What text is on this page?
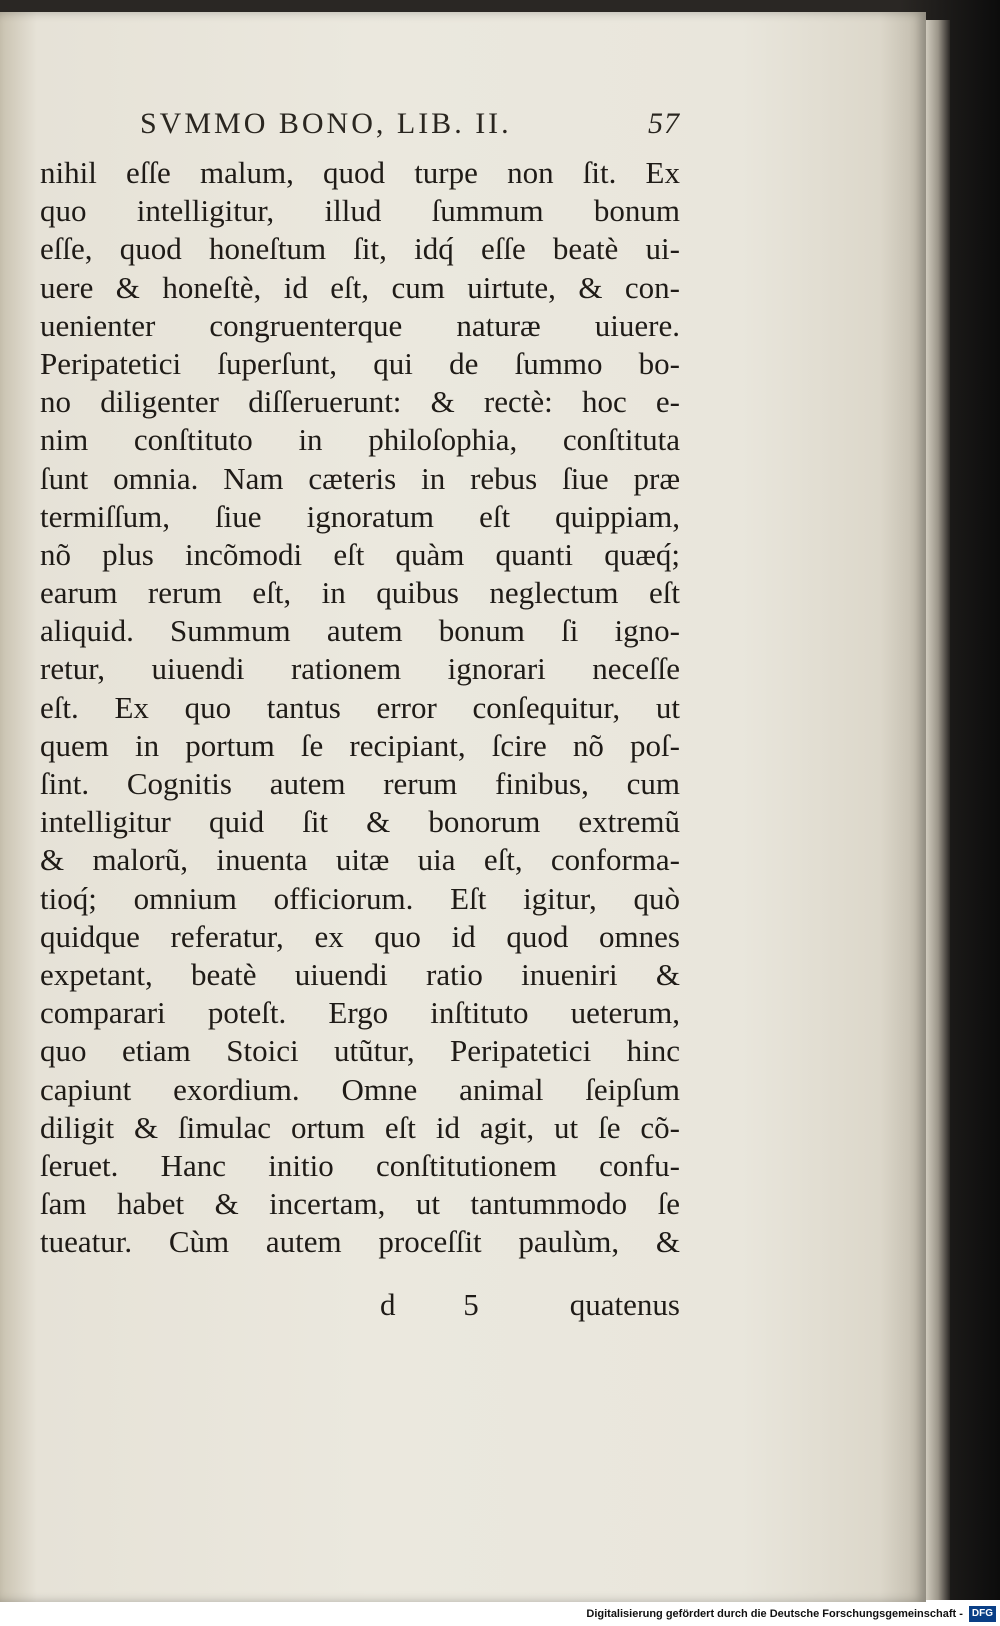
SVMMO BONO, LIB. II.	57
nihil eſſe malum, quod turpe non ſit. Ex
quo intelligitur, illud ſummum bonum
eſſe, quod honeſtum ſit, idq́ eſſe beatè ui-
uere & honeſtè, id eſt, cum uirtute, & con-
uenienter congruenterque naturæ uiuere.
Peripatetici ſuperſunt, qui de ſummo bo-
no diligenter diſſeruerunt: & rectè: hoc e-
nim conſtituto in philoſophia, conſtituta
ſunt omnia. Nam cæteris in rebus ſiue præ
termiſſum, ſiue ignoratum eſt quippiam,
nõ plus incõmodi eſt quàm quanti quæq́;
earum rerum eſt, in quibus neglectum eſt
aliquid. Summum autem bonum ſi igno-
retur, uiuendi rationem ignorari neceſſe
eſt. Ex quo tantus error conſequitur, ut
quem in portum ſe recipiant, ſcire nõ poſ-
ſint. Cognitis autem rerum finibus, cum
intelligitur quid ſit & bonorum extremũ
& malorũ, inuenta uitæ uia eſt, conforma-
tioq́; omnium officiorum. Eſt igitur, quò
quidque referatur, ex quo id quod omnes
expetant, beatè uiuendi ratio inueniri &
comparari poteſt. Ergo inſtituto ueterum,
quo etiam Stoici utũtur, Peripatetici hinc
capiunt exordium. Omne animal ſeipſum
diligit & ſimulac ortum eſt id agit, ut ſe cõ-
ſeruet. Hanc initio conſtitutionem confu-
ſam habet & incertam, ut tantummodo ſe
tueatur. Cùm autem proceſſit paulùm, &
d 5 quatenus
Digitalisierung gefördert durch die Deutsche Forschungsgemeinschaft - DFG
